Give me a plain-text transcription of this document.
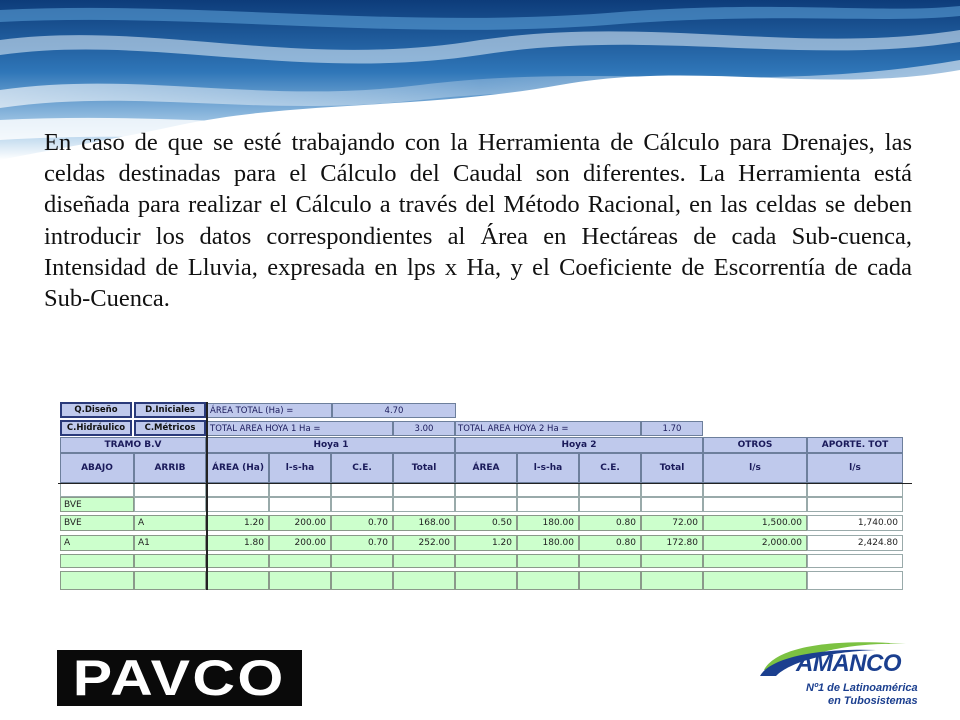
En caso de que se esté trabajando con la Herramienta de Cálculo para Drenajes, las celdas destinadas para el Cálculo del Caudal son diferentes. La Herramienta está diseñada para realizar el Cálculo a través del Método Racional, en las celdas se deben introducir los datos correspondientes al Área en Hectáreas de cada Sub-cuenca, Intensidad de Lluvia, expresada en lps x Ha, y el Coeficiente de Escorrentía de cada Sub-Cuenca.

Q.Diseño	D.Iniciales	ÁREA TOTAL (Ha) =	4.70
C.Hidráulico	C.Métricos	TOTAL AREA HOYA 1 Ha =	3.00	TOTAL AREA HOYA 2 Ha =	1.70
TRAMO B.V	Hoya 1	Hoya 2	OTROS	APORTE. TOT
ABAJO	ARRIB	ÁREA (Ha)	l-s-ha	C.E.	Total	ÁREA	l-s-ha	C.E.	Total	l/s	l/s
BVE
BVE	A	1.20	200.00	0.70	168.00	0.50	180.00	0.80	72.00	1,500.00	1,740.00
A	A1	1.80	200.00	0.70	252.00	1.20	180.00	0.80	172.80	2,000.00	2,424.80
PAVCO	AMANCO
Nº1 de Latinoamérica
en Tubosistemas
